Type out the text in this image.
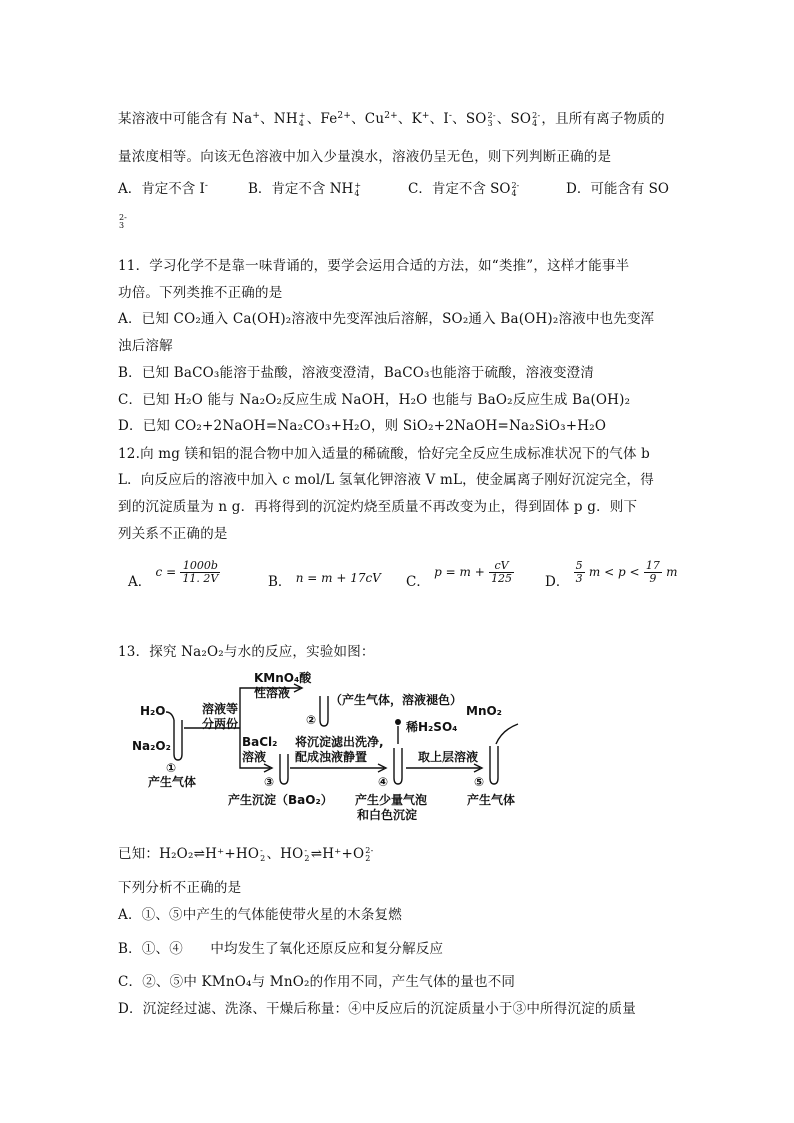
某溶液中可能含有 Na+、NH +
4 、$Fe^{2+}$、$Cu^{2+}$、K+、I-、SO 2-
3 、SO 2-
4 ，且所有离子物质的
量浓度相等。向该无色溶液中加入少量溴水，溶液仍呈无色，则下列判断正确的是
A．肯定不含 I-	B．肯定不含 NH +
4	C．肯定不含 SO 2-
4	D．可能含有 SO
2-
3
11．学习化学不是靠一味背诵的，要学会运用合适的方法，如“类推”，这样才能事半
功倍。下列类推不正确的是
A．已知 CO₂通入 Ca(OH)₂溶液中先变浑浊后溶解，SO₂通入 Ba(OH)₂溶液中也先变浑
浊后溶解
B．已知 BaCO₃能溶于盐酸，溶液变澄清，BaCO₃也能溶于硫酸，溶液变澄清
C．已知 H₂O 能与 Na₂O₂反应生成 NaOH，H₂O 也能与 BaO₂反应生成 Ba(OH)₂
D．已知 CO₂+2NaOH=Na₂CO₃+H₂O，则 SiO₂+2NaOH=Na₂SiO₃+H₂O
12.向 mg 镁和铝的混合物中加入适量的稀硫酸，恰好完全反应生成标准状况下的气体 b
L．向反应后的溶液中加入 c mol/L 氢氧化钾溶液 V mL，使金属离子刚好沉淀完全，得
到的沉淀质量为 n g．再将得到的沉淀灼烧至质量不再改变为止，得到固体 p g．则下
列关系不正确的是
A． $c = \frac{1000b}{11. 2V}$	B． n = m + 17cV C． $p = m + \frac{cV}{125}$ D． $\frac{5}{3}$ $m < p < \frac{17}{9}$ m
13．探究 Na₂O₂与水的反应，实验如图：
H₂O
Na₂O₂
溶液等
分两份
KMnO₄酸
性溶液	（产生气体，溶液褪色）
BaCl₂
溶液
将沉淀滤出洗净,
配成浊液静置
稀H₂SO₄
MnO₂
取上层溶液
②
①
③	④	⑤
产生气体
产生沉淀（BaO₂） 产生少量气泡
和白色沉淀
产生气体
已知：H₂O₂⇌H⁺+HO -
2 、HO -
2 ⇌H⁺+O 2-
2
下列分析不正确的是
A．①、⑤中产生的气体能使带火星的木条复燃
B．①、④　　中均发生了氧化还原反应和复分解反应
C．②、⑤中 KMnO₄与 MnO₂的作用不同，产生气体的量也不同
D．沉淀经过滤、洗涤、干燥后称量：④中反应后的沉淀质量小于③中所得沉淀的质量
